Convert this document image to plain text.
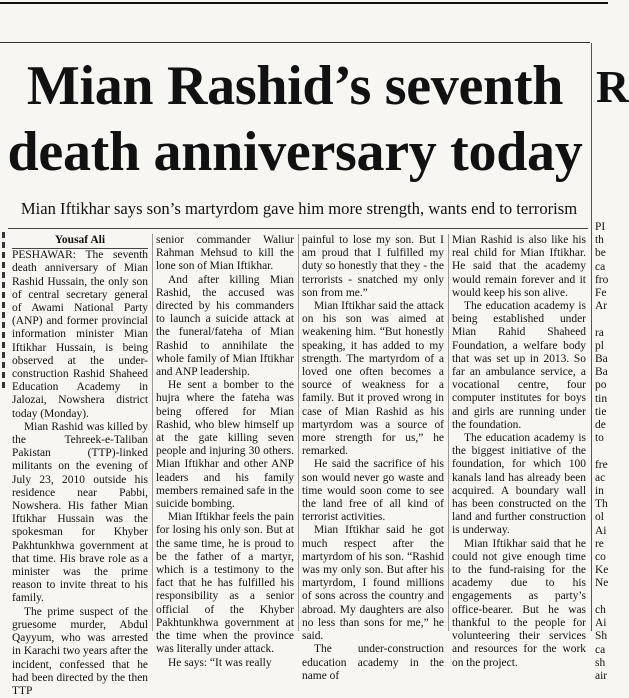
Mian Rashid’s seventh
death anniversary today
Mian Iftikhar says son’s martyrdom gave him more strength, wants end to terrorism

Yousaf Ali

PESHAWAR: The seventh death anniversary of Mian Rashid Hussain, the only son of central secretary general of Awami National Party (ANP) and former provincial information minister Mian Iftikhar Hussain, is being observed at the under-construction Rashid Shaheed Education Academy in Jalozai, Nowshera district today (Monday).

Mian Rashid was killed by the Tehreek-e-Taliban Pakistan (TTP)-linked militants on the evening of July 23, 2010 outside his residence near Pabbi, Nowshera. His father Mian Iftikhar Hussain was the spokesman for Khyber Pakhtunkhwa government at that time. His brave role as a minister was the prime reason to invite threat to his family.

The prime suspect of the gruesome murder, Abdul Qayyum, who was arrested in Karachi two years after the incident, confessed that he had been directed by the then TTP

senior commander Waliur Rahman Mehsud to kill the lone son of Mian Iftikhar.

And after killing Mian Rashid, the accused was directed by his commanders to launch a suicide attack at the funeral/fateha of Mian Rashid to annihilate the whole family of Mian Iftikhar and ANP leadership.

He sent a bomber to the hujra where the fateha was being offered for Mian Rashid, who blew himself up at the gate killing seven people and injuring 30 others. Mian Iftikhar and other ANP leaders and his family members remained safe in the suicide bombing.

Mian Iftikhar feels the pain for losing his only son. But at the same time, he is proud to be the father of a martyr, which is a testimony to the fact that he has fulfilled his responsibility as a senior official of the Khyber Pakhtunkhwa government at the time when the province was literally under attack.

He says: “It was really

painful to lose my son. But I am proud that I fulfilled my duty so honestly that they - the terrorists - snatched my only son from me.”

Mian Iftikhar said the attack on his son was aimed at weakening him. “But honestly speaking, it has added to my strength. The martyrdom of a loved one often becomes a source of weakness for a family. But it proved wrong in case of Mian Rashid as his martyrdom was a source of more strength for us,” he remarked.

He said the sacrifice of his son would never go waste and time would soon come to see the land free of all kind of terrorist activities.

Mian Iftikhar said he got much respect after the martyrdom of his son. “Rashid was my only son. But after his martyrdom, I found millions of sons across the country and abroad. My daughters are also no less than sons for me,” he said.

The under-construction education academy in the name of

Mian Rashid is also like his real child for Mian Iftikhar. He said that the academy would remain forever and it would keep his son alive.

The education academy is being established under Mian Rahid Shaheed Foundation, a welfare body that was set up in 2013. So far an ambulance service, a vocational centre, four computer institutes for boys and girls are running under the foundation.

The education academy is the biggest initiative of the foundation, for which 100 kanals land has already been acquired. A boundary wall has been constructed on the land and further construction is underway.

Mian Iftikhar said that he could not give enough time to the fund-raising for the academy due to his engagements as party’s office-bearer. But he was thankful to the people for volunteering their services and resources for the work on the project.

R
PI
th
be
ca
fro
Fe
Ar

ra
pl
Ba
Ba
po
tin
tie
de
to

fre
ac
in
Th
ol
Ai
re
co
Ke
Ne

ch
Ai
Sh
ca
sh
air
